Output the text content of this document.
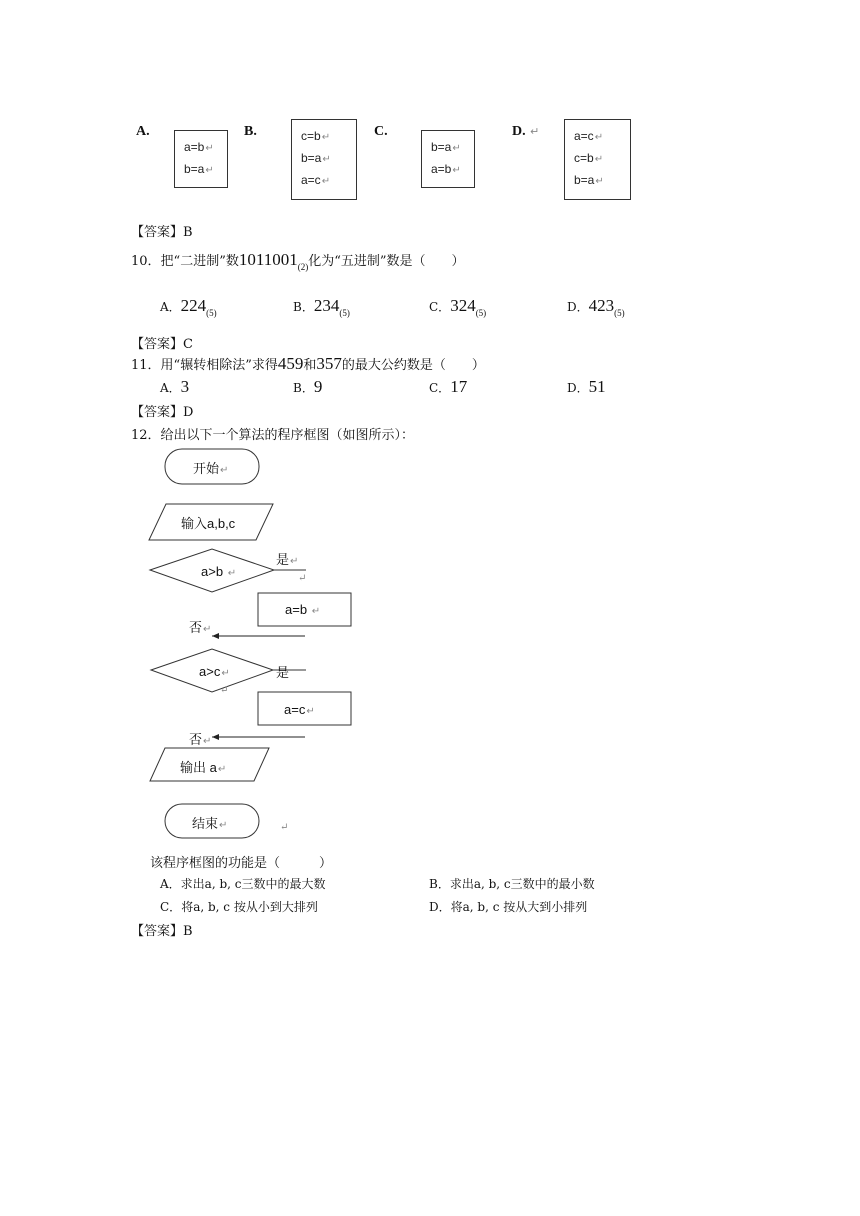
A.
a=b↵
b=a↵
B.	c=b↵
b=a↵
a=c↵
C.
b=a↵
a=b↵
D. ↵	a=c↵
c=b↵
b=a↵
【答案】B
10．把“二进制”数$1011001_{(2)}$化为“五进制”数是（　　）
A．$224_{(5)}$	B．$234_{(5)}$	C．$324_{(5)}$	D．$423_{(5)}$
【答案】C
11．用“辗转相除法”求得459和357的最大公约数是（　　）
A．3	B．9	C．17	D．51
【答案】D
12．给出以下一个算法的程序框图（如图所示）：
开始↵
输入a,b,c
a>b ↵
是↵
↵
a=b ↵
否↵
a>c↵
↵
是
a=c↵
否↵
输出 a↵
结束↵	↵
该程序框图的功能是（　　　）
A．求出a, b, c三数中的最大数	B．求出a, b, c三数中的最小数
C．将a, b, c 按从小到大排列	D．将a, b, c 按从大到小排列
【答案】B
